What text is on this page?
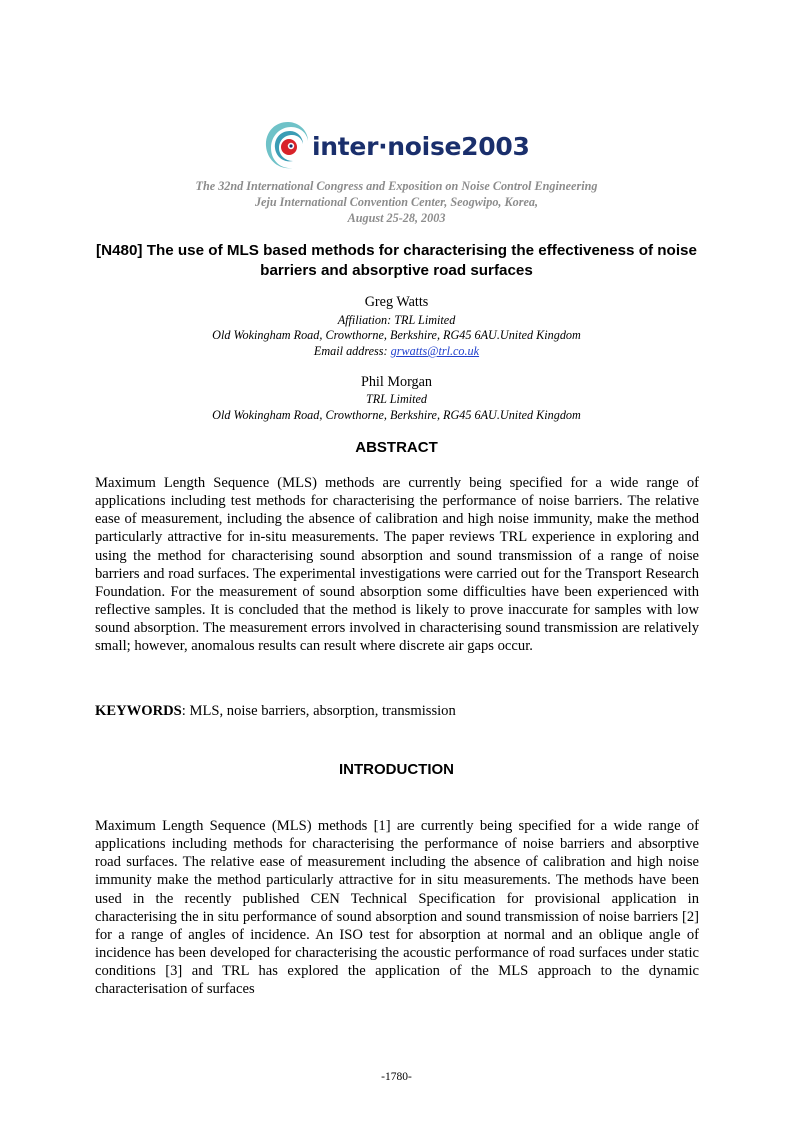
inter·noise2003
The 32nd International Congress and Exposition on Noise Control Engineering
Jeju International Convention Center, Seogwipo, Korea,
August 25-28, 2003
[N480] The use of MLS based methods for characterising the effectiveness of noise barriers and absorptive road surfaces
Greg Watts
Affiliation: TRL Limited
Old Wokingham Road, Crowthorne, Berkshire, RG45 6AU.United Kingdom
Email address: grwatts@trl.co.uk
Phil Morgan
TRL Limited
Old Wokingham Road, Crowthorne, Berkshire, RG45 6AU.United Kingdom
ABSTRACT
Maximum Length Sequence (MLS) methods are currently being specified for a wide range of applications including test methods for characterising the performance of noise barriers. The relative ease of measurement, including the absence of calibration and high noise immunity, make the method particularly attractive for in-situ measurements. The paper reviews TRL experience in exploring and using the method for characterising sound absorption and sound transmission of a range of noise barriers and road surfaces. The experimental investigations were carried out for the Transport Research Foundation. For the measurement of sound absorption some difficulties have been experienced with reflective samples. It is concluded that the method is likely to prove inaccurate for samples with low sound absorption. The measurement errors involved in characterising sound transmission are relatively small; however, anomalous results can result where discrete air gaps occur.
KEYWORDS: MLS, noise barriers, absorption, transmission
INTRODUCTION
Maximum Length Sequence (MLS) methods [1] are currently being specified for a wide range of applications including methods for characterising the performance of noise barriers and absorptive road surfaces. The relative ease of measurement including the absence of calibration and high noise immunity make the method particularly attractive for in situ measurements. The methods have been used in the recently published CEN Technical Specification for provisional application in characterising the in situ performance of sound absorption and sound transmission of noise barriers [2] for a range of angles of incidence. An ISO test for absorption at normal and an oblique angle of incidence has been developed for characterising the acoustic performance of road surfaces under static conditions [3] and TRL has explored the application of the MLS approach to the dynamic characterisation of surfaces
-1780-
